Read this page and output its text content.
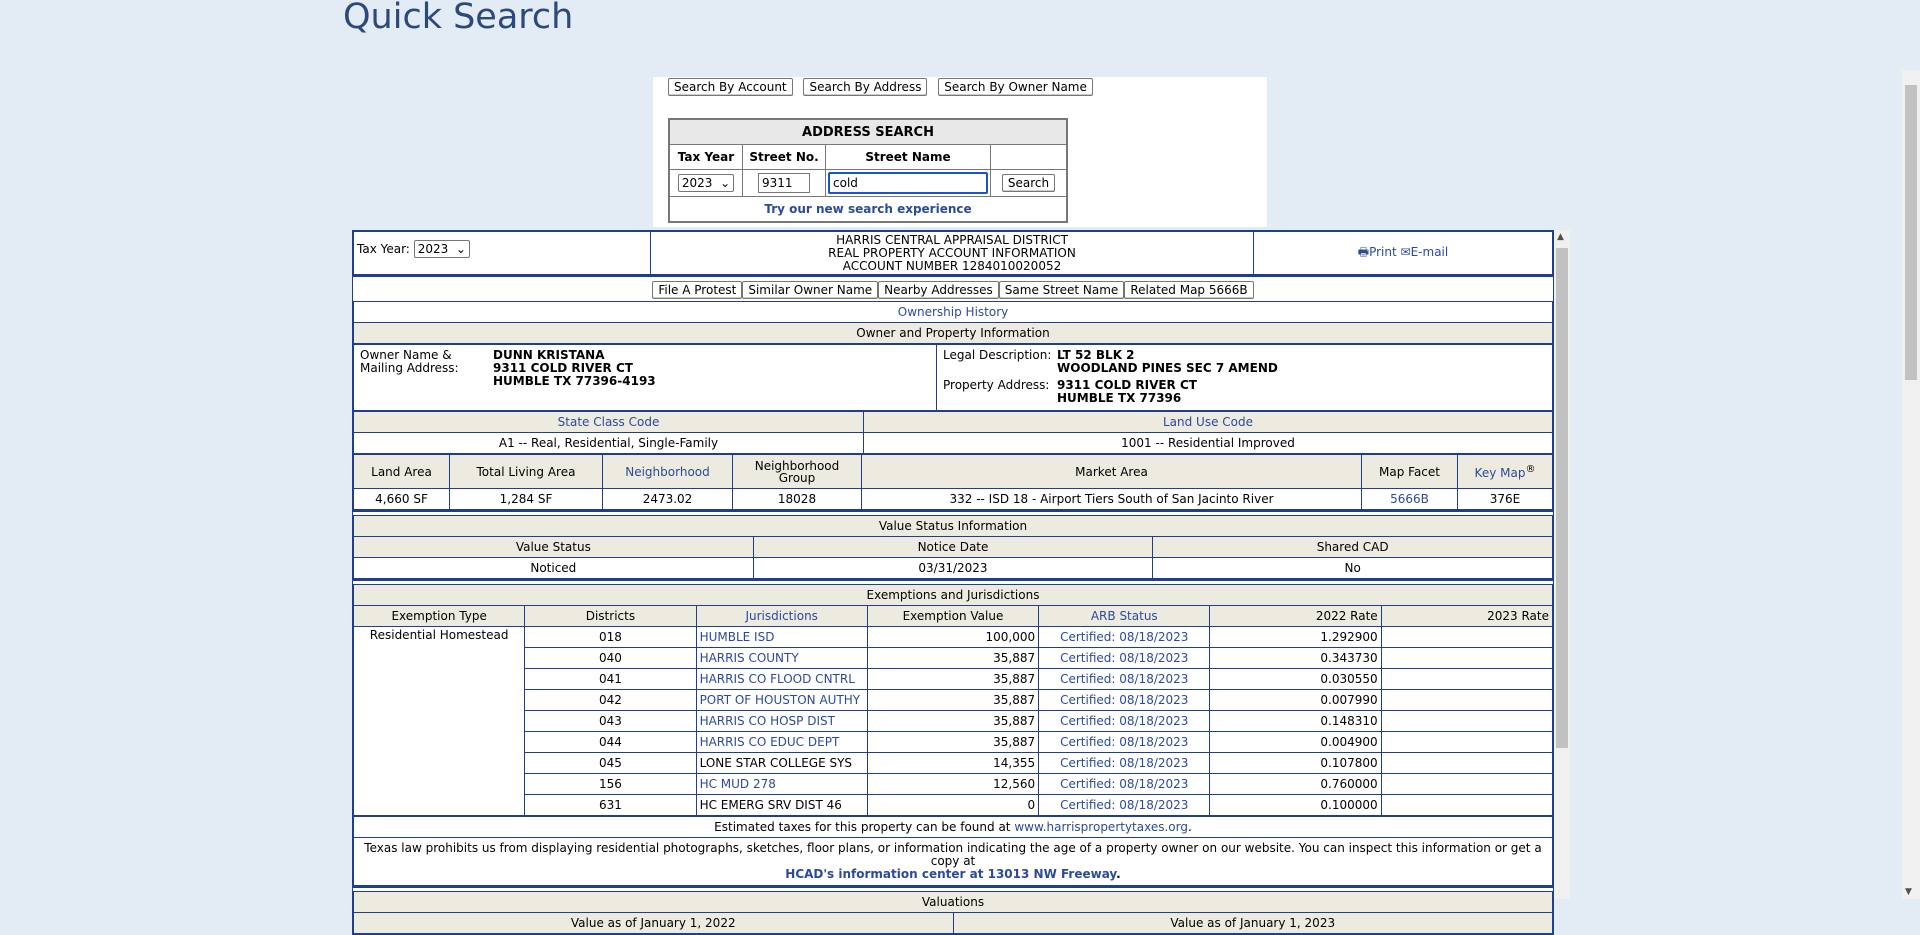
Quick Search
Search By Account Search By Address Search By Owner Name
ADDRESS SEARCH			
Tax Year	Street No.	Street Name	
2023 ⌄	9311	cold	Search
Try our new search experience			
Tax Year: 2023 ⌄	
HARRIS CENTRAL APPRAISAL DISTRICT
REAL PROPERTY ACCOUNT INFORMATION
ACCOUNT NUMBER 1284010020052
	🖶Print ✉E-mail
File A Protest Similar Owner Name Nearby Addresses Same Street Name Related Map 5666B
Ownership History
Owner and Property Information
Owner Name &
Mailing Address:
DUNN KRISTANA
9311 COLD RIVER CT
HUMBLE TX 77396-4193

Legal Description: LT 52 BLK 2
WOODLAND PINES SEC 7 AMEND
Property Address: 9311 COLD RIVER CT
HUMBLE TX 77396
State Class Code	Land Use Code
A1 -- Real, Residential, Single-Family	1001 -- Residential Improved
Land Area	Total Living Area	Neighborhood	Neighborhood
Group	Market Area	Map Facet	Key Map®
4,660 SF	1,284 SF	2473.02	18028	332 -- ISD 18 - Airport Tiers South of San Jacinto River	5666B	376E
Value Status Information		
Value Status	Notice Date	Shared CAD
Noticed	03/31/2023	No
Exemptions and Jurisdictions						
Exemption Type	Districts	Jurisdictions	Exemption Value	ARB Status	2022 Rate	2023 Rate
Residential Homestead	018	HUMBLE ISD	100,000	Certified: 08/18/2023	1.292900	
	040	HARRIS COUNTY	35,887	Certified: 08/18/2023	0.343730	
	041	HARRIS CO FLOOD CNTRL	35,887	Certified: 08/18/2023	0.030550	
	042	PORT OF HOUSTON AUTHY	35,887	Certified: 08/18/2023	0.007990	
	043	HARRIS CO HOSP DIST	35,887	Certified: 08/18/2023	0.148310	
	044	HARRIS CO EDUC DEPT	35,887	Certified: 08/18/2023	0.004900	
	045	LONE STAR COLLEGE SYS	14,355	Certified: 08/18/2023	0.107800	
	156	HC MUD 278	12,560	Certified: 08/18/2023	0.760000	
	631	HC EMERG SRV DIST 46	0	Certified: 08/18/2023	0.100000	
Estimated taxes for this property can be found at www.harrispropertytaxes.org.
Texas law prohibits us from displaying residential photographs, sketches, floor plans, or information indicating the age of a property owner on our website. You can inspect this information or get a copy at
HCAD's information center at 13013 NW Freeway.
Valuations
Value as of January 1, 2022	Value as of January 1, 2023
▲
▼
